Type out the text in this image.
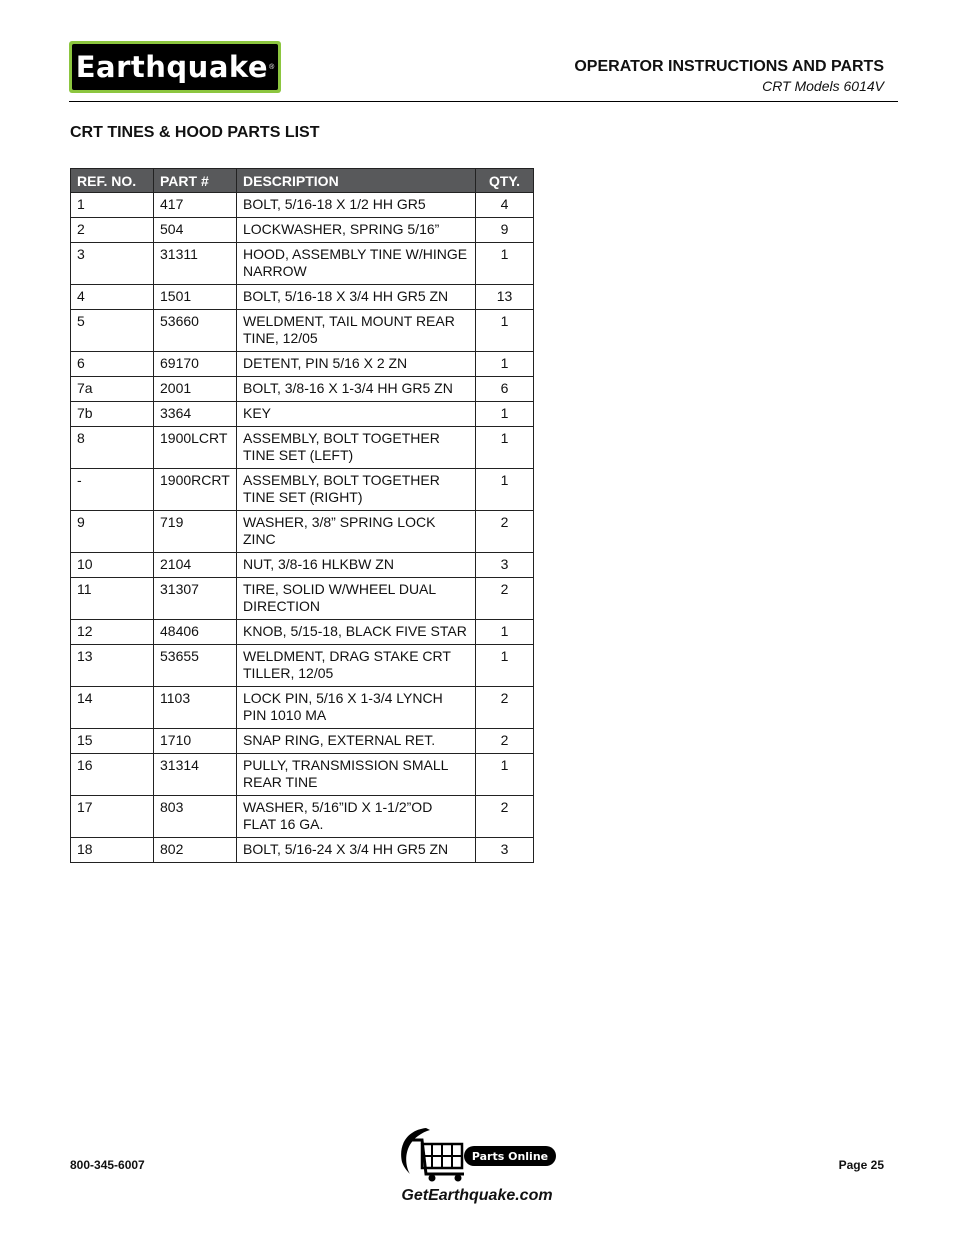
Earthquake ®	OPERATOR INSTRUCTIONS AND PARTS
CRT Models 6014V
CRT TINES & HOOD PARTS LIST
REF. NO.	PART #	DESCRIPTION	QTY.
1	417	BOLT, 5/16-18 X 1/2 HH GR5	4
2	504	LOCKWASHER, SPRING 5/16”	9
3	31311	HOOD, ASSEMBLY TINE W/HINGE NARROW	1
4	1501	BOLT, 5/16-18 X 3/4 HH GR5 ZN	13
5	53660	WELDMENT, TAIL MOUNT REAR TINE, 12/05	1
6	69170	DETENT, PIN 5/16 X 2 ZN	1
7a	2001	BOLT, 3/8-16 X 1-3/4 HH GR5 ZN	6
7b	3364	KEY	1
8	1900LCRT	ASSEMBLY, BOLT TOGETHER TINE SET (LEFT)	1
-	1900RCRT	ASSEMBLY, BOLT TOGETHER TINE SET (RIGHT)	1
9	719	WASHER, 3/8” SPRING LOCK ZINC	2
10	2104	NUT, 3/8-16 HLKBW ZN	3
11	31307	TIRE, SOLID W/WHEEL DUAL DIRECTION	2
12	48406	KNOB, 5/15-18, BLACK FIVE STAR	1
13	53655	WELDMENT, DRAG STAKE CRT TILLER, 12/05	1
14	1103	LOCK PIN, 5/16 X 1-3/4 LYNCH PIN 1010 MA	2
15	1710	SNAP RING, EXTERNAL RET.	2
16	31314	PULLY, TRANSMISSION SMALL REAR TINE	1
17	803	WASHER, 5/16”ID X 1-1/2”OD FLAT 16 GA.	2
18	802	BOLT, 5/16-24 X 3/4 HH GR5 ZN	3
800-345-6007
Parts Online
GetEarthquake.com
Page 25
